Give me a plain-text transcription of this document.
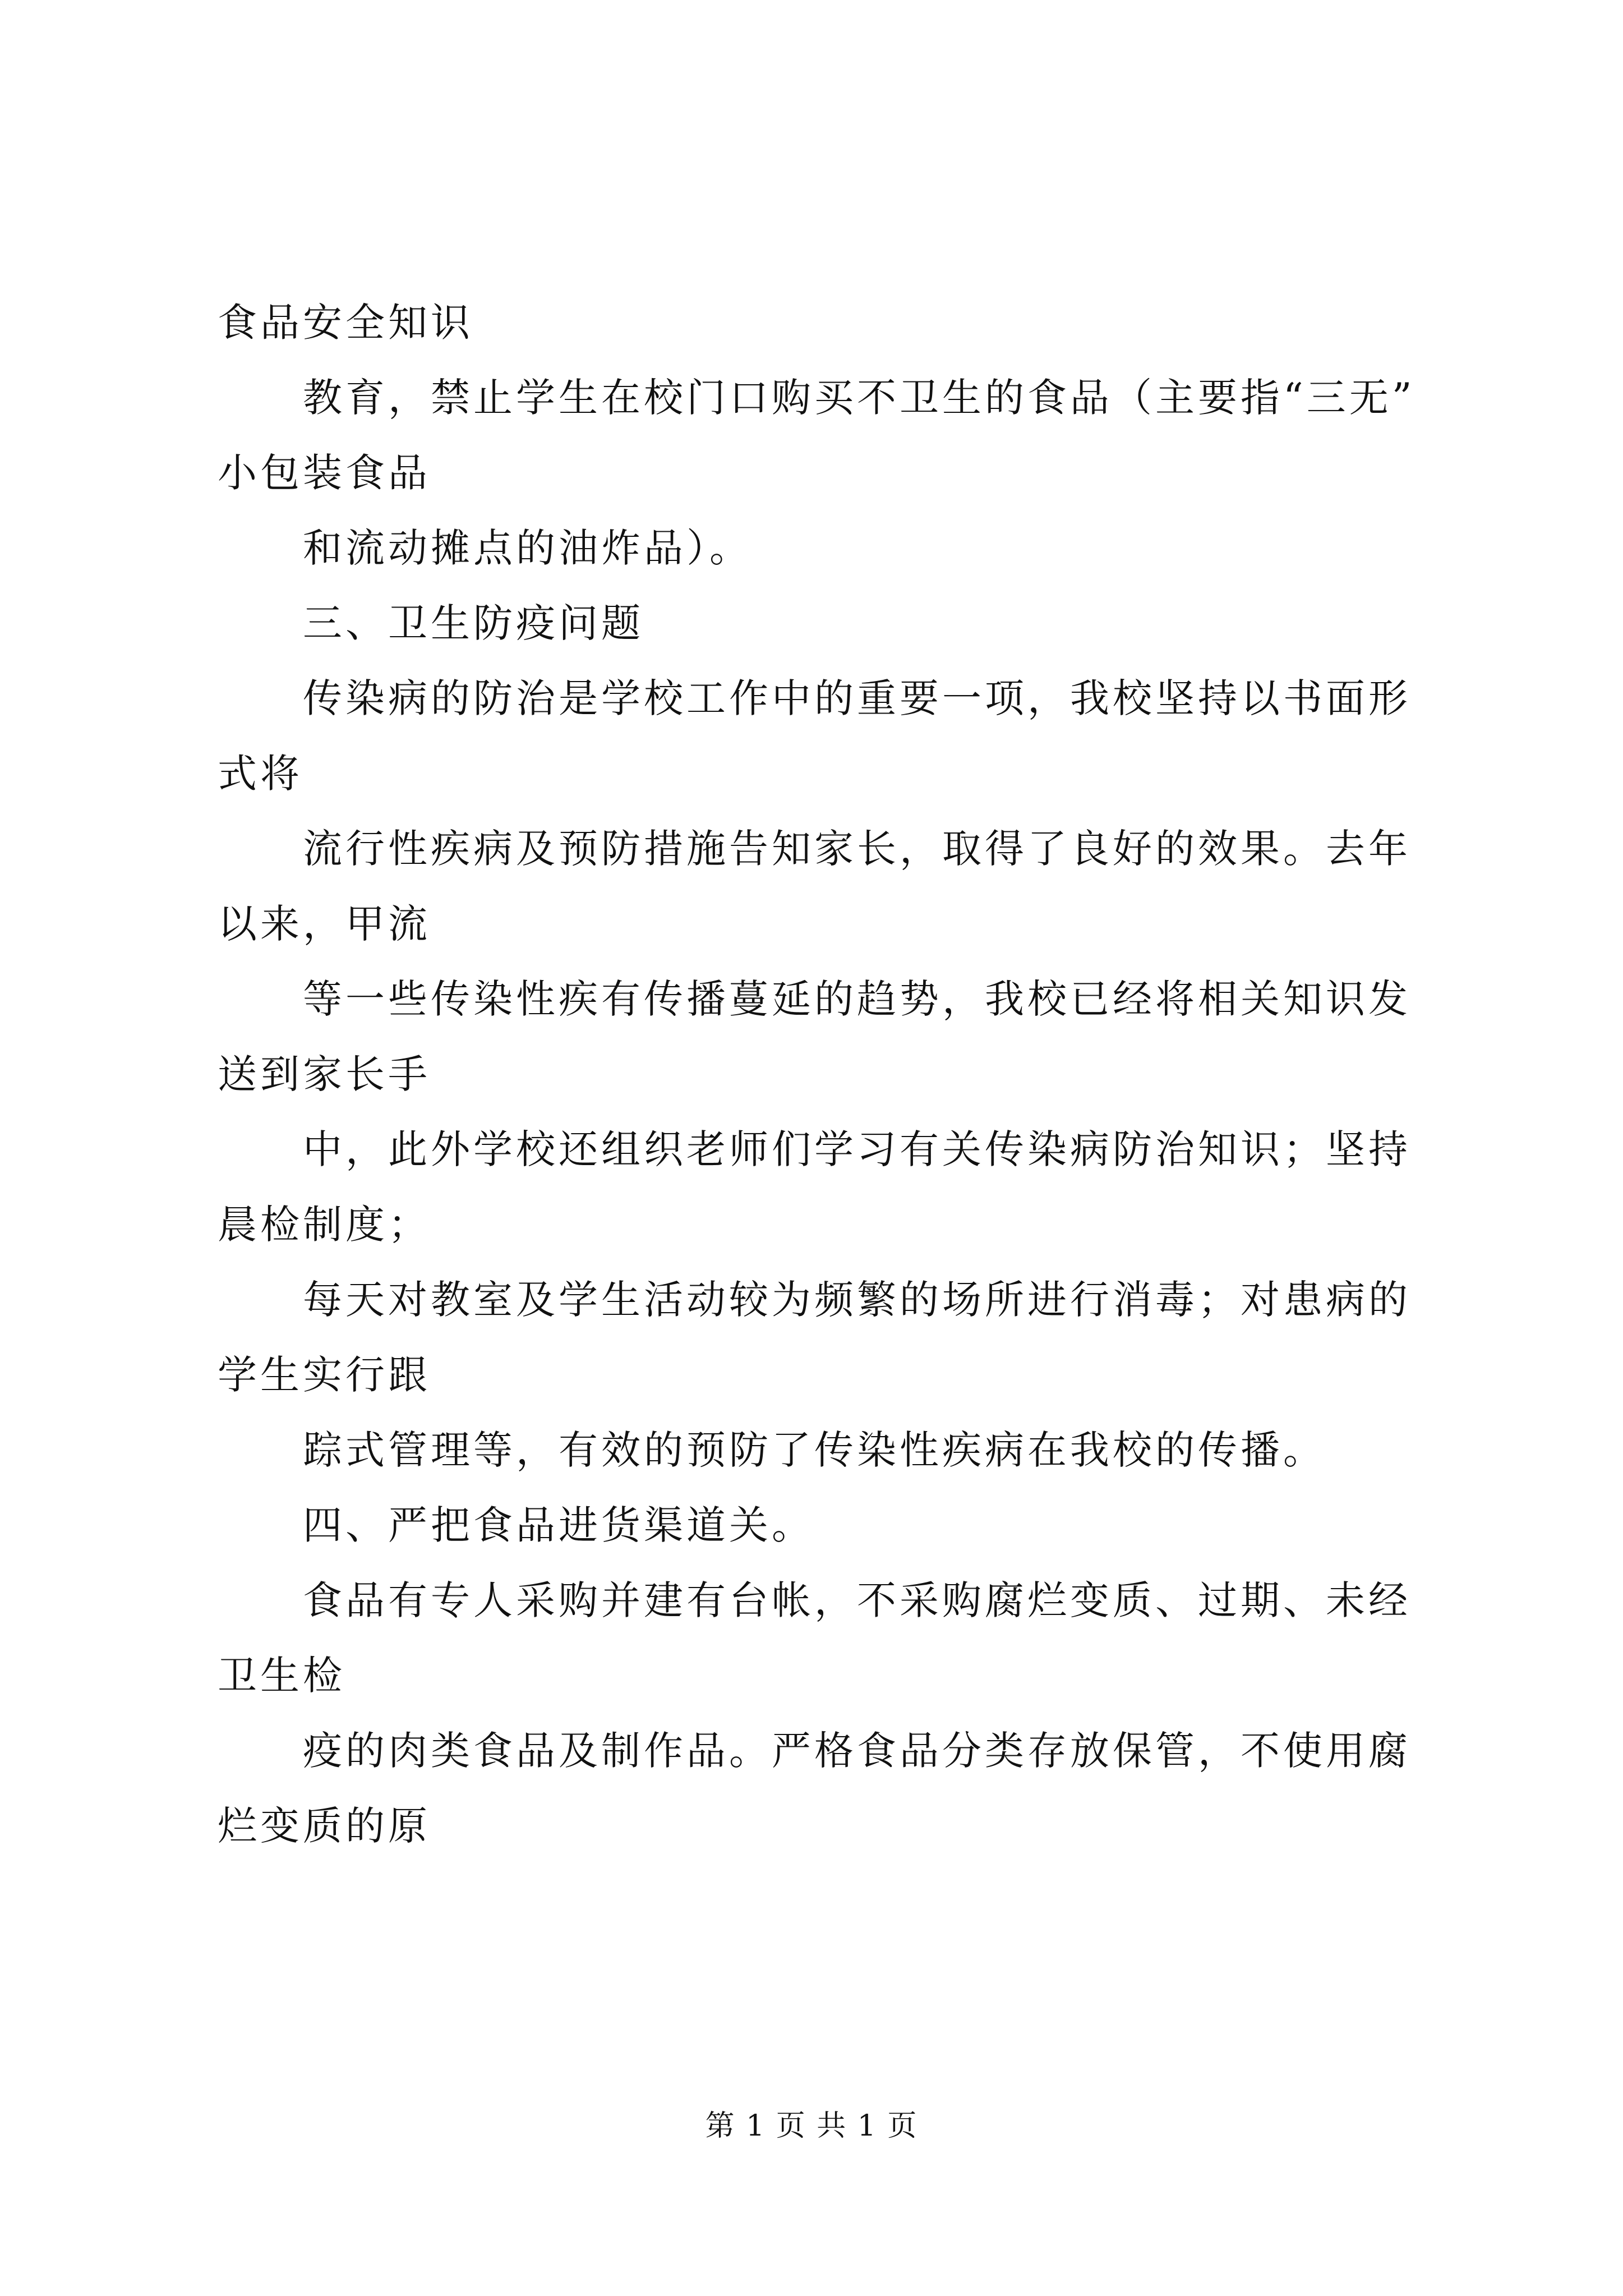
食品安全知识
教育，禁止学生在校门口购买不卫生的食品（主要指“三无”
小包装食品
和流动摊点的油炸品）。
三、卫生防疫问题
传染病的防治是学校工作中的重要一项，我校坚持以书面形
式将
流行性疾病及预防措施告知家长，取得了良好的效果。去年
以来，甲流
等一些传染性疾有传播蔓延的趋势，我校已经将相关知识发
送到家长手
中，此外学校还组织老师们学习有关传染病防治知识；坚持
晨检制度；
每天对教室及学生活动较为频繁的场所进行消毒；对患病的
学生实行跟
踪式管理等，有效的预防了传染性疾病在我校的传播。
四、严把食品进货渠道关。
食品有专人采购并建有台帐，不采购腐烂变质、过期、未经
卫生检
疫的肉类食品及制作品。严格食品分类存放保管，不使用腐
烂变质的原
第 1 页 共 1 页
